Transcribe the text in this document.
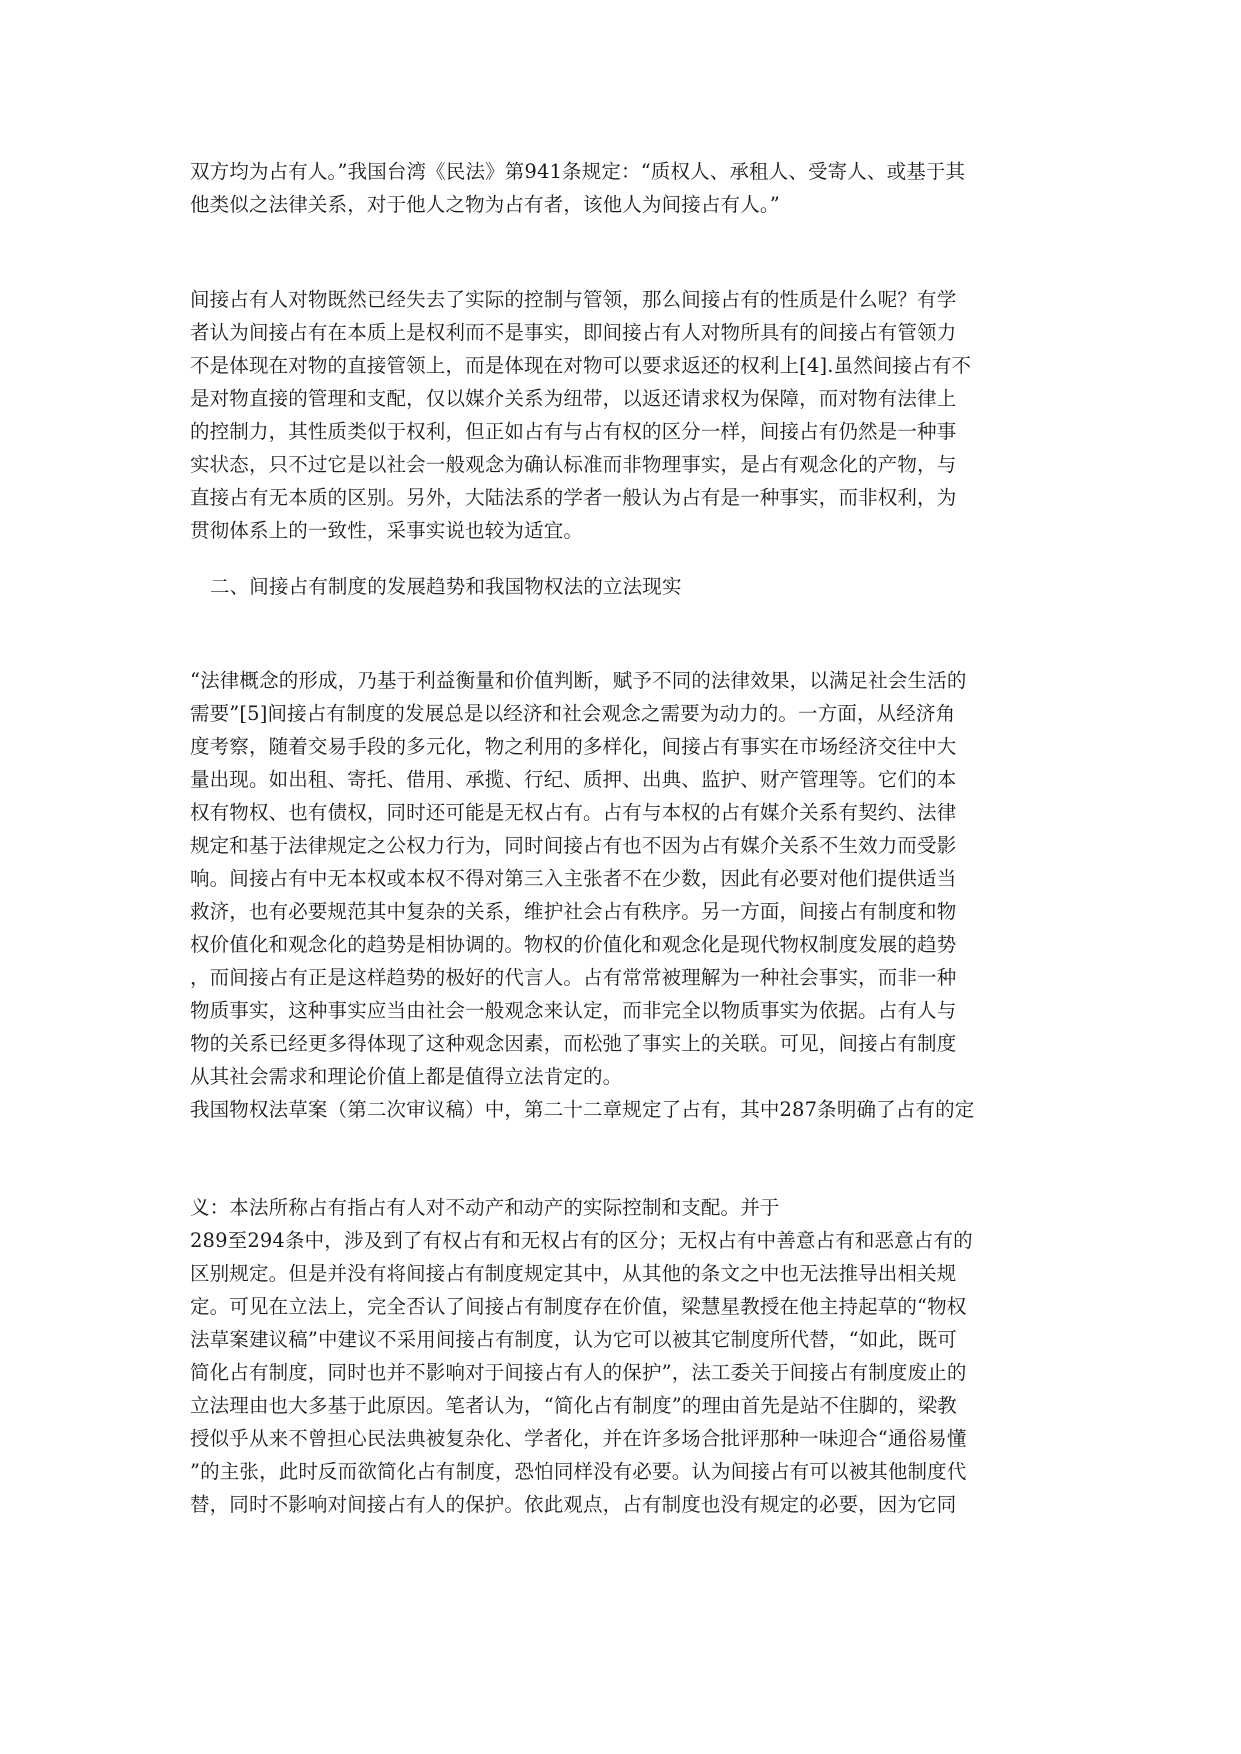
双方均为占有人。”我国台湾《民法》第941条规定：“质权人、承租人、受寄人、或基于其

他类似之法律关系，对于他人之物为占有者，该他人为间接占有人。”

间接占有人对物既然已经失去了实际的控制与管领，那么间接占有的性质是什么呢？有学

者认为间接占有在本质上是权利而不是事实，即间接占有人对物所具有的间接占有管领力

不是体现在对物的直接管领上，而是体现在对物可以要求返还的权利上[4].虽然间接占有不

是对物直接的管理和支配，仅以媒介关系为纽带，以返还请求权为保障，而对物有法律上

的控制力，其性质类似于权利，但正如占有与占有权的区分一样，间接占有仍然是一种事

实状态，只不过它是以社会一般观念为确认标准而非物理事实，是占有观念化的产物，与

直接占有无本质的区别。另外，大陆法系的学者一般认为占有是一种事实，而非权利，为

贯彻体系上的一致性，采事实说也较为适宜。

二、间接占有制度的发展趋势和我国物权法的立法现实

“法律概念的形成，乃基于利益衡量和价值判断，赋予不同的法律效果，以满足社会生活的

需要”[5]间接占有制度的发展总是以经济和社会观念之需要为动力的。一方面，从经济角

度考察，随着交易手段的多元化，物之利用的多样化，间接占有事实在市场经济交往中大

量出现。如出租、寄托、借用、承揽、行纪、质押、出典、监护、财产管理等。它们的本

权有物权、也有债权，同时还可能是无权占有。占有与本权的占有媒介关系有契约、法律

规定和基于法律规定之公权力行为，同时间接占有也不因为占有媒介关系不生效力而受影

响。间接占有中无本权或本权不得对第三入主张者不在少数，因此有必要对他们提供适当

救济，也有必要规范其中复杂的关系，维护社会占有秩序。另一方面，间接占有制度和物

权价值化和观念化的趋势是相协调的。物权的价值化和观念化是现代物权制度发展的趋势

，而间接占有正是这样趋势的极好的代言人。占有常常被理解为一种社会事实，而非一种

物质事实，这种事实应当由社会一般观念来认定，而非完全以物质事实为依据。占有人与

物的关系已经更多得体现了这种观念因素，而松弛了事实上的关联。可见，间接占有制度

从其社会需求和理论价值上都是值得立法肯定的。

我国物权法草案（第二次审议稿）中，第二十二章规定了占有，其中287条明确了占有的定

义：本法所称占有指占有人对不动产和动产的实际控制和支配。并于

289至294条中，涉及到了有权占有和无权占有的区分；无权占有中善意占有和恶意占有的

区别规定。但是并没有将间接占有制度规定其中，从其他的条文之中也无法推导出相关规

定。可见在立法上，完全否认了间接占有制度存在价值，梁慧星教授在他主持起草的“物权

法草案建议稿”中建议不采用间接占有制度，认为它可以被其它制度所代替，“如此，既可

简化占有制度，同时也并不影响对于间接占有人的保护”，法工委关于间接占有制度废止的

立法理由也大多基于此原因。笔者认为，“简化占有制度”的理由首先是站不住脚的，梁教

授似乎从来不曾担心民法典被复杂化、学者化，并在许多场合批评那种一味迎合“通俗易懂

”的主张，此时反而欲简化占有制度，恐怕同样没有必要。认为间接占有可以被其他制度代

替，同时不影响对间接占有人的保护。依此观点，占有制度也没有规定的必要，因为它同
